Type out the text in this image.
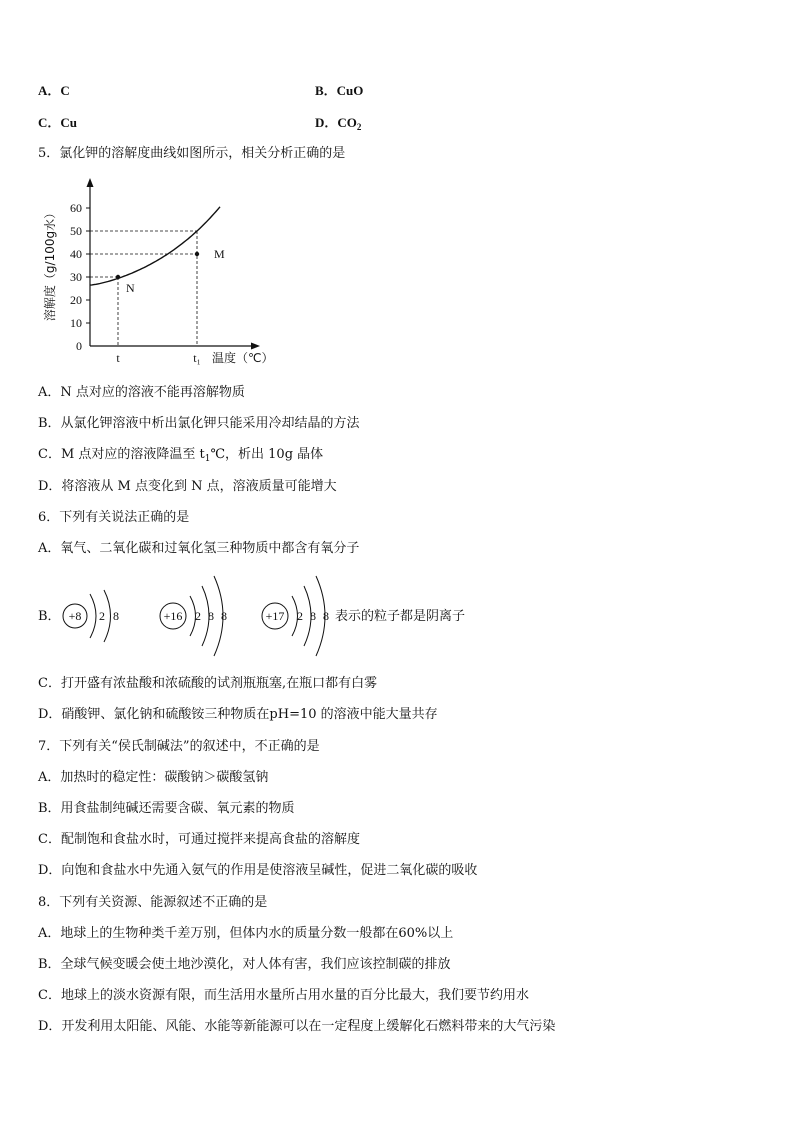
A．C	B．CuO
C．Cu	D．$CO_2$
5．氯化钾的溶解度曲线如图所示，相关分析正确的是
0
10
20
30
40
50
60
t	t₁
N
M
溶解度（g/100g水）
温度（℃）
A．N 点对应的溶液不能再溶解物质
B．从氯化钾溶液中析出氯化钾只能采用冷却结晶的方法
C．M 点对应的溶液降温至 $t_1℃$，析出 10g 晶体
D．将溶液从 M 点变化到 N 点，溶液质量可能增大
6．下列有关说法正确的是
A．氧气、二氧化碳和过氧化氢三种物质中都含有氧分子
B． +8 2 8	+16 2 8 8	+17 2 8 8 表示的粒子都是阴离子
C．打开盛有浓盐酸和浓硫酸的试剂瓶瓶塞,在瓶口都有白雾
D．硝酸钾、氯化钠和硫酸铵三种物质在pH=10 的溶液中能大量共存
7．下列有关“侯氏制碱法”的叙述中，不正确的是
A．加热时的稳定性：碳酸钠＞碳酸氢钠
B．用食盐制纯碱还需要含碳、氧元素的物质
C．配制饱和食盐水时，可通过搅拌来提高食盐的溶解度
D．向饱和食盐水中先通入氨气的作用是使溶液呈碱性，促进二氧化碳的吸收
8．下列有关资源、能源叙述不正确的是
A．地球上的生物种类千差万别，但体内水的质量分数一般都在60%以上
B．全球气候变暖会使土地沙漠化，对人体有害，我们应该控制碳的排放
C．地球上的淡水资源有限，而生活用水量所占用水量的百分比最大，我们要节约用水
D．开发利用太阳能、风能、水能等新能源可以在一定程度上缓解化石燃料带来的大气污染
